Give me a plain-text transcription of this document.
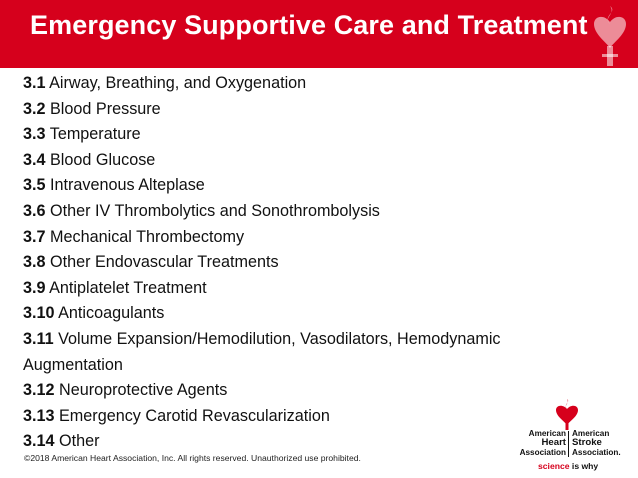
Emergency Supportive Care and Treatment
3.1 Airway, Breathing, and Oxygenation
3.2 Blood Pressure
3.3 Temperature
3.4 Blood Glucose
3.5 Intravenous Alteplase
3.6 Other IV Thrombolytics and Sonothrombolysis
3.7 Mechanical Thrombectomy
3.8 Other Endovascular Treatments
3.9 Antiplatelet Treatment
3.10 Anticoagulants
3.11 Volume Expansion/Hemodilution, Vasodilators, Hemodynamic Augmentation
3.12 Neuroprotective Agents
3.13 Emergency Carotid Revascularization
3.14 Other
©2018 American Heart Association, Inc. All rights reserved. Unauthorized use prohibited.
American
Heart
Association
American
Stroke
Association.
science is why
